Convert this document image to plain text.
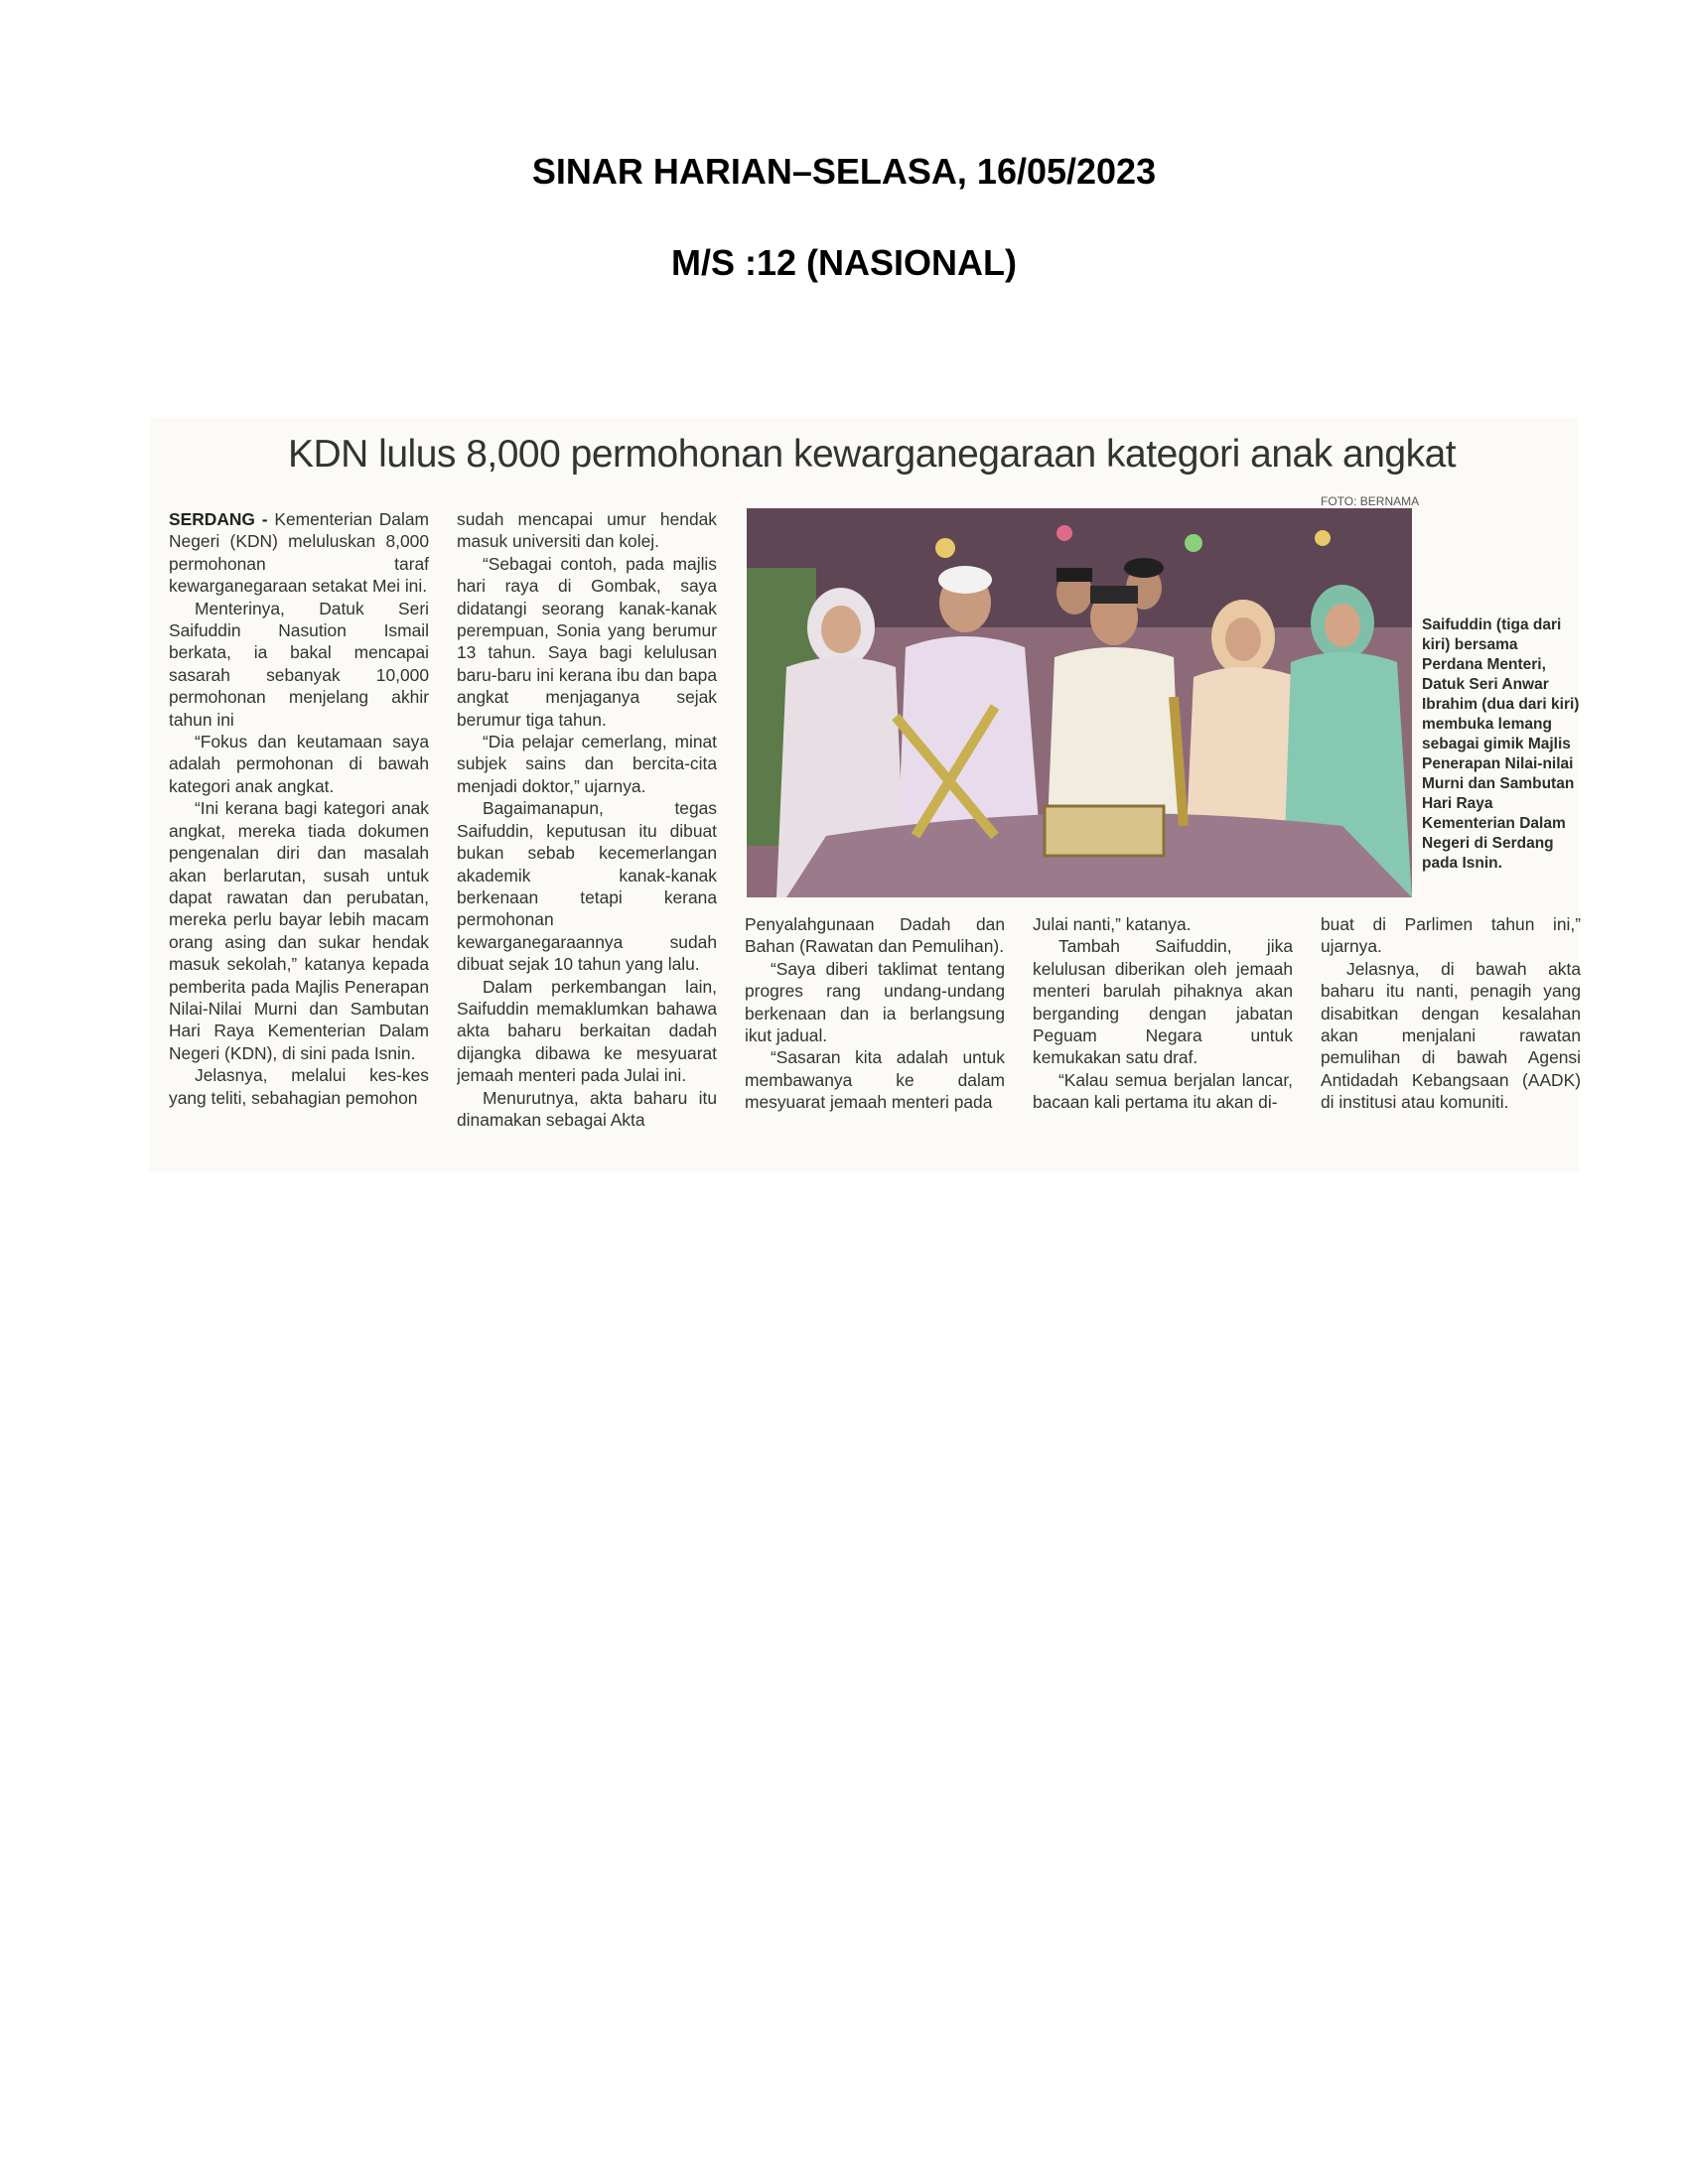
SINAR HARIAN–SELASA, 16/05/2023
M/S :12 (NASIONAL)
KDN lulus 8,000 permohonan kewarganegaraan kategori anak angkat
FOTO: BERNAMA

SERDANG - Kementerian Dalam Negeri (KDN) meluluskan 8,000 permohonan taraf kewarganegaraan setakat Mei ini.

Menterinya, Datuk Seri Saifuddin Nasution Ismail berkata, ia bakal mencapai sasarah sebanyak 10,000 permohonan menjelang akhir tahun ini

“Fokus dan keutamaan saya adalah permohonan di bawah kategori anak angkat.

“Ini kerana bagi kategori anak angkat, mereka tiada dokumen pengenalan diri dan masalah akan berlarutan, susah untuk dapat rawatan dan perubatan, mereka perlu bayar lebih macam orang asing dan sukar hendak masuk sekolah,” katanya kepada pemberita pada Majlis Penerapan Nilai-Nilai Murni dan Sambutan Hari Raya Kementerian Dalam Negeri (KDN), di sini pada Isnin.

Jelasnya, melalui kes-kes yang teliti, sebahagian pemohon

sudah mencapai umur hendak masuk universiti dan kolej.

“Sebagai contoh, pada majlis hari raya di Gombak, saya didatangi seorang kanak-kanak perempuan, Sonia yang berumur 13 tahun. Saya bagi kelulusan baru-baru ini kerana ibu dan bapa angkat menjaganya sejak berumur tiga tahun.

“Dia pelajar cemerlang, minat subjek sains dan bercita-cita menjadi doktor,” ujarnya.

Bagaimanapun, tegas Saifuddin, keputusan itu dibuat bukan sebab kecemerlangan akademik kanak-kanak berkenaan tetapi kerana permohonan kewarganegaraannya sudah dibuat sejak 10 tahun yang lalu.

Dalam perkembangan lain, Saifuddin memaklumkan bahawa akta baharu berkaitan dadah dijangka dibawa ke mesyuarat jemaah menteri pada Julai ini.

Menurutnya, akta baharu itu dinamakan sebagai Akta

Saifuddin (tiga dari kiri) bersama Perdana Menteri, Datuk Seri Anwar Ibrahim (dua dari kiri) membuka lemang sebagai gimik Majlis Penerapan Nilai-nilai Murni dan Sambutan Hari Raya Kementerian Dalam Negeri di Serdang pada Isnin.

Penyalahgunaan Dadah dan Bahan (Rawatan dan Pemulihan).

“Saya diberi taklimat tentang progres rang undang-undang berkenaan dan ia berlangsung ikut jadual.

“Sasaran kita adalah untuk membawanya ke dalam mesyuarat jemaah menteri pada

Julai nanti,” katanya.

Tambah Saifuddin, jika kelulusan diberikan oleh jemaah menteri barulah pihaknya akan berganding dengan jabatan Peguam Negara untuk kemukakan satu draf.

“Kalau semua berjalan lancar, bacaan kali pertama itu akan di-

buat di Parlimen tahun ini,” ujarnya.

Jelasnya, di bawah akta baharu itu nanti, penagih yang disabitkan dengan kesalahan akan menjalani rawatan pemulihan di bawah Agensi Antidadah Kebangsaan (AADK) di institusi atau komuniti.
